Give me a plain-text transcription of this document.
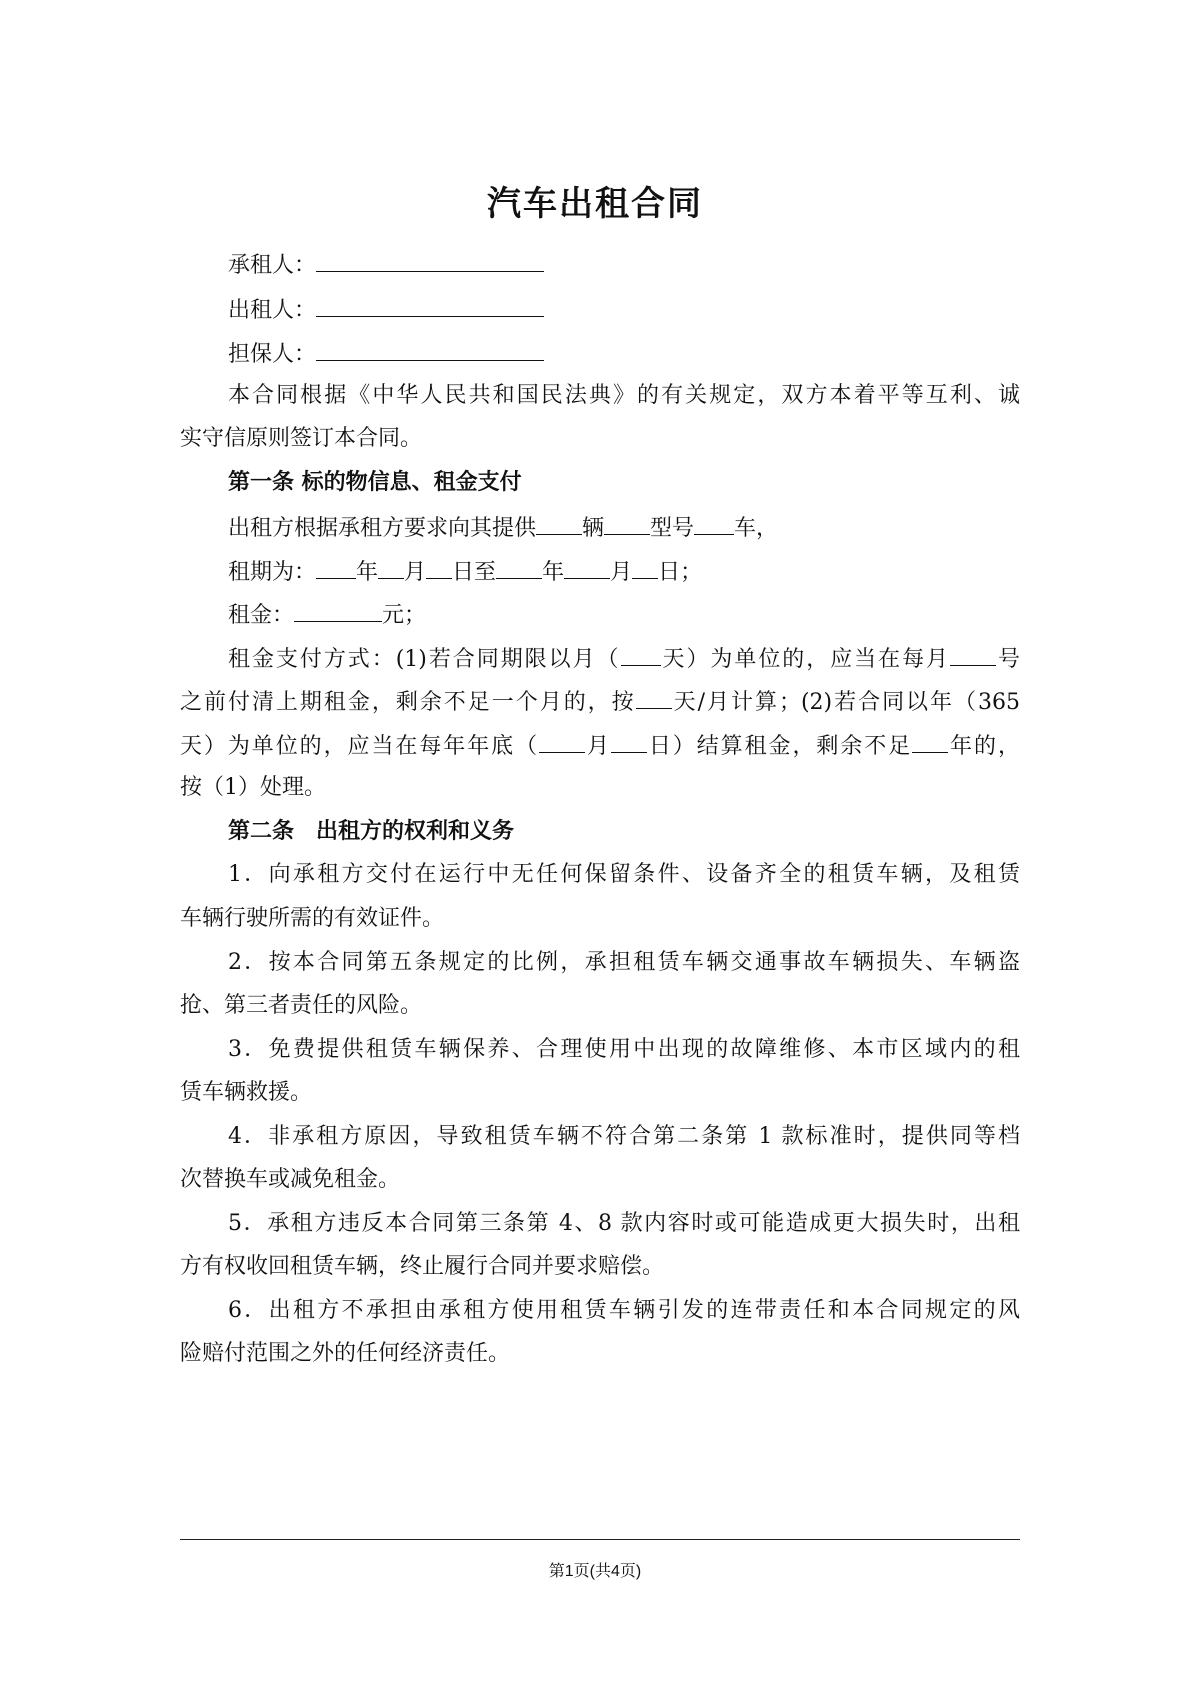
汽车出租合同
承租人：
出租人：
担保人：
本合同根据《中华人民共和国民法典》的有关规定，双方本着平等互利、诚
实守信原则签订本合同。
第一条 标的物信息、租金支付
出租方根据承租方要求向其提供 辆 型号 车，
租期为： 年 月 日至 年 月 日；
租金：	元；
租金支付方式：(1)若合同期限以月（ 天）为单位的，应当在每月 号
之前付清上期租金，剩余不足一个月的，按 天/月计算；(2)若合同以年（365
天）为单位的，应当在每年年底（ 月 日）结算租金，剩余不足 年的，
按（1）处理。
第二条　出租方的权利和义务
1．向承租方交付在运行中无任何保留条件、设备齐全的租赁车辆，及租赁
车辆行驶所需的有效证件。
2．按本合同第五条规定的比例，承担租赁车辆交通事故车辆损失、车辆盗
抢、第三者责任的风险。
3．免费提供租赁车辆保养、合理使用中出现的故障维修、本市区域内的租
赁车辆救援。
4．非承租方原因，导致租赁车辆不符合第二条第 1 款标准时，提供同等档
次替换车或减免租金。
5．承租方违反本合同第三条第 4、8 款内容时或可能造成更大损失时，出租
方有权收回租赁车辆，终止履行合同并要求赔偿。
6．出租方不承担由承租方使用租赁车辆引发的连带责任和本合同规定的风
险赔付范围之外的任何经济责任。
第1页(共4页)
